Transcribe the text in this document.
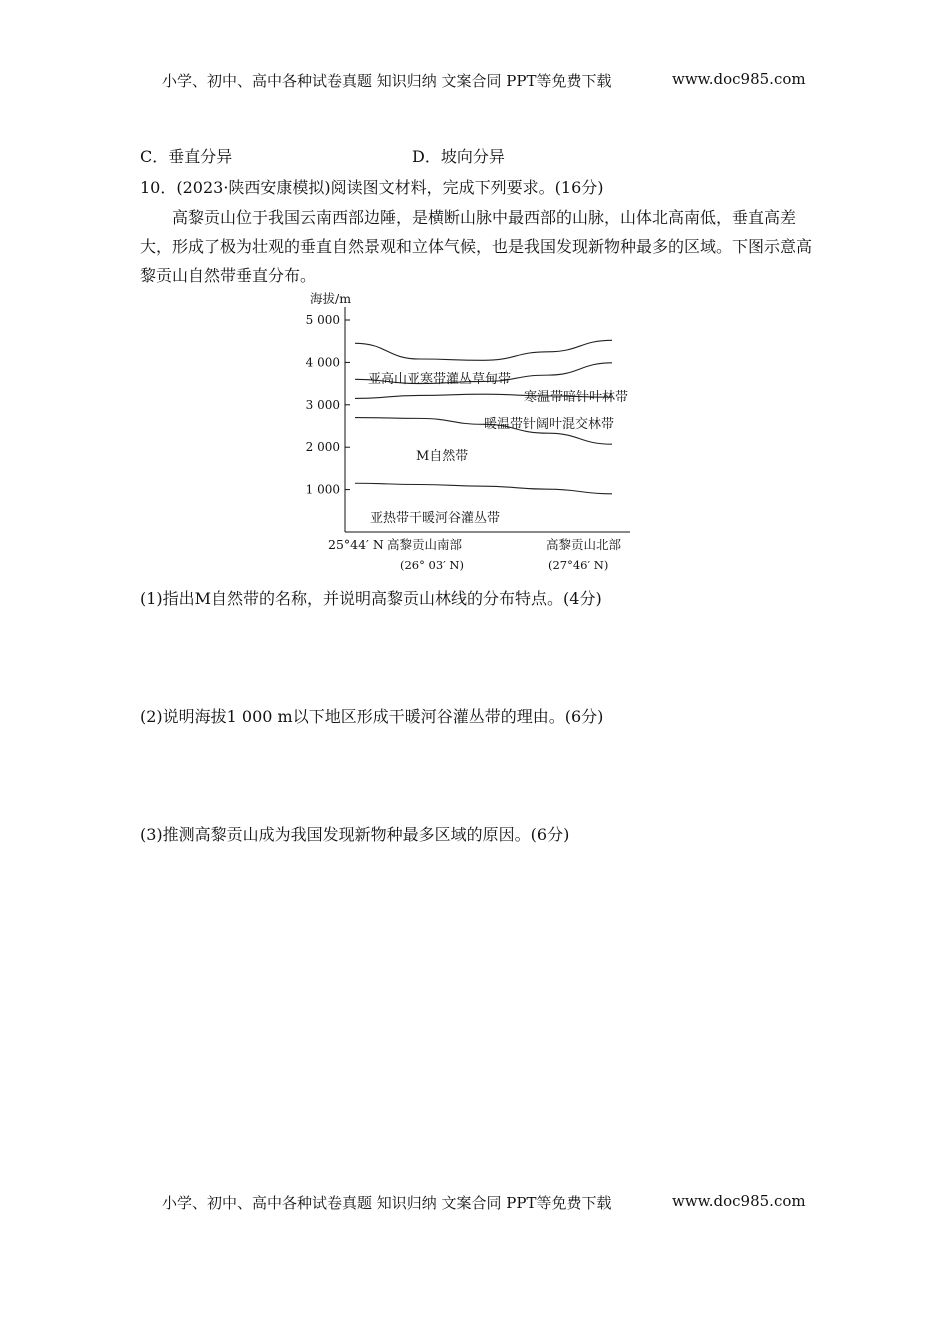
小学、初中、高中各种试卷真题 知识归纳 文案合同 PPT等免费下载	www.doc985.com
C．垂直分异	D．坡向分异
10．(2023·陕西安康模拟)阅读图文材料，完成下列要求。(16分)
高黎贡山位于我国云南西部边陲，是横断山脉中最西部的山脉，山体北高南低，垂直高差大，形成了极为壮观的垂直自然景观和立体气候，也是我国发现新物种最多的区域。下图示意高黎贡山自然带垂直分布。
1 000
2 000
3 000
4 000
5 000
海拔/m
亚高山亚寒带灌丛草甸带
寒温带暗针叶林带
暖温带针阔叶混交林带
M自然带
亚热带干暖河谷灌丛带
25°44′ N 高黎贡山南部
(26° 03′ N)
高黎贡山北部
(27°46′ N)
(1)指出M自然带的名称，并说明高黎贡山林线的分布特点。(4分)
(2)说明海拔1 000 m以下地区形成干暖河谷灌丛带的理由。(6分)
(3)推测高黎贡山成为我国发现新物种最多区域的原因。(6分)
小学、初中、高中各种试卷真题 知识归纳 文案合同 PPT等免费下载	www.doc985.com
